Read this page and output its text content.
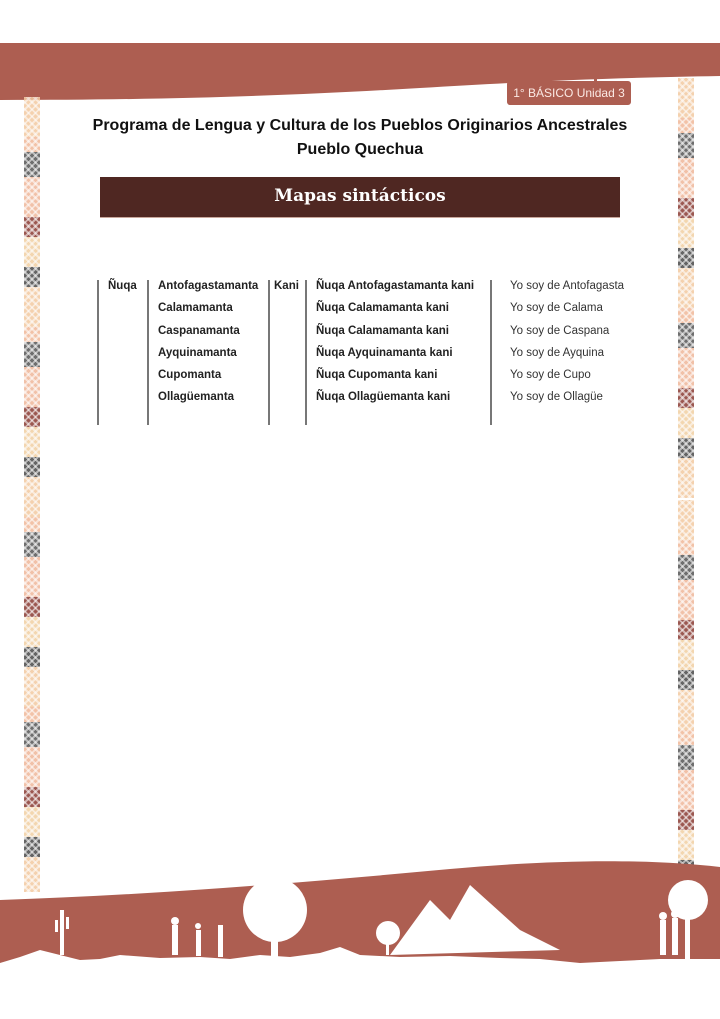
1° BÁSICO Unidad 3
Programa de Lengua y Cultura de los Pueblos Originarios Ancestrales
Pueblo Quechua
Mapas sintácticos
Ñuqa	Kani
Antofagastamanta
Calamamanta
Caspanamanta
Ayquinamanta
Cupomanta
Ollagüemanta
Ñuqa Antofagastamanta kani
Ñuqa Calamamanta kani
Ñuqa Calamamanta kani
Ñuqa Ayquinamanta kani
Ñuqa Cupomanta kani
Ñuqa Ollagüemanta kani
Yo soy de Antofagasta
Yo soy de Calama
Yo soy de Caspana
Yo soy de Ayquina
Yo soy de Cupo
Yo soy de Ollagüe
